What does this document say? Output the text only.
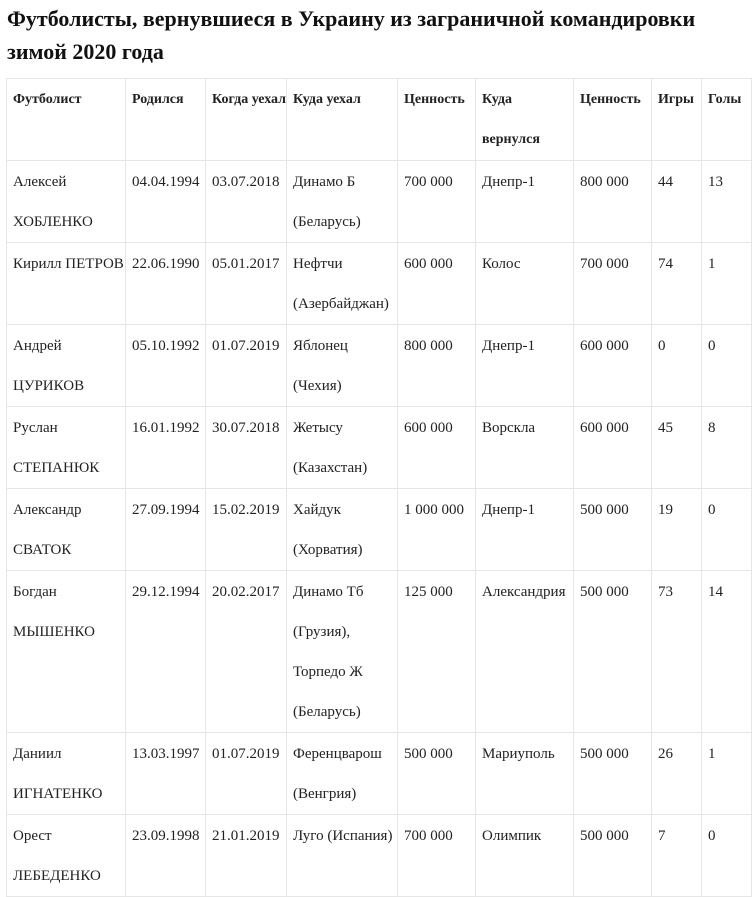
Футболисты, вернувшиеся в Украину из заграничной командировки зимой 2020 года
Футболист	Родился	Когда уехал	Куда уехал	Ценность	Куда вернулся	Ценность	Игры	Голы
Алексей ХОБЛЕНКО	04.04.1994	03.07.2018	Динамо Б (Беларусь)	700 000	Днепр-1	800 000	44	13
Кирилл ПЕТРОВ	22.06.1990	05.01.2017	Нефтчи (Азербайджан)	600 000	Колос	700 000	74	1
Андрей ЦУРИКОВ	05.10.1992	01.07.2019	Яблонец (Чехия)	800 000	Днепр-1	600 000	0	0
Руслан СТЕПАНЮК	16.01.1992	30.07.2018	Жетысу (Казахстан)	600 000	Ворскла	600 000	45	8
Александр СВАТОК	27.09.1994	15.02.2019	Хайдук (Хорватия)	1 000 000	Днепр-1	500 000	19	0
Богдан МЫШЕНКО	29.12.1994	20.02.2017	Динамо Тб (Грузия), Торпедо Ж (Беларусь)	125 000	Александрия	500 000	73	14
Даниил ИГНАТЕНКО	13.03.1997	01.07.2019	Ференцварош (Венгрия)	500 000	Мариуполь	500 000	26	1
Орест ЛЕБЕДЕНКО	23.09.1998	21.01.2019	Луго (Испания)	700 000	Олимпик	500 000	7	0
